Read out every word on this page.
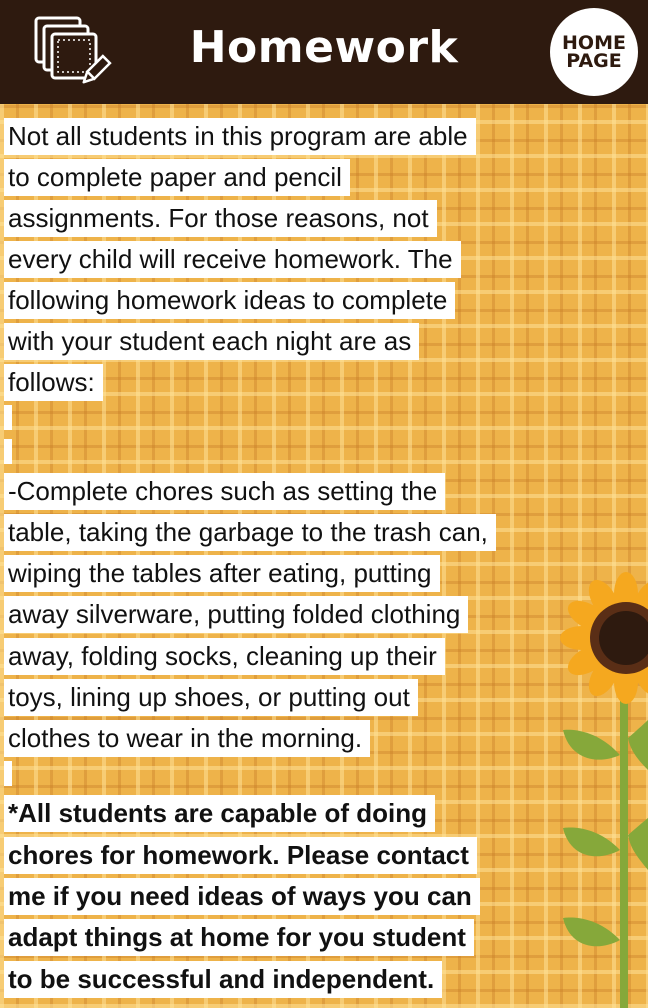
Homework	HOME
PAGE
Not all students in this program are able
to complete paper and pencil
assignments. For those reasons, not
every child will receive homework. The
following homework ideas to complete
with your student each night are as
follows:
-Complete chores such as setting the
table, taking the garbage to the trash can,
wiping the tables after eating, putting
away silverware, putting folded clothing
away, folding socks, cleaning up their
toys, lining up shoes, or putting out
clothes to wear in the morning.
*All students are capable of doing
chores for homework. Please contact
me if you need ideas of ways you can
adapt things at home for you student
to be successful and independent.
